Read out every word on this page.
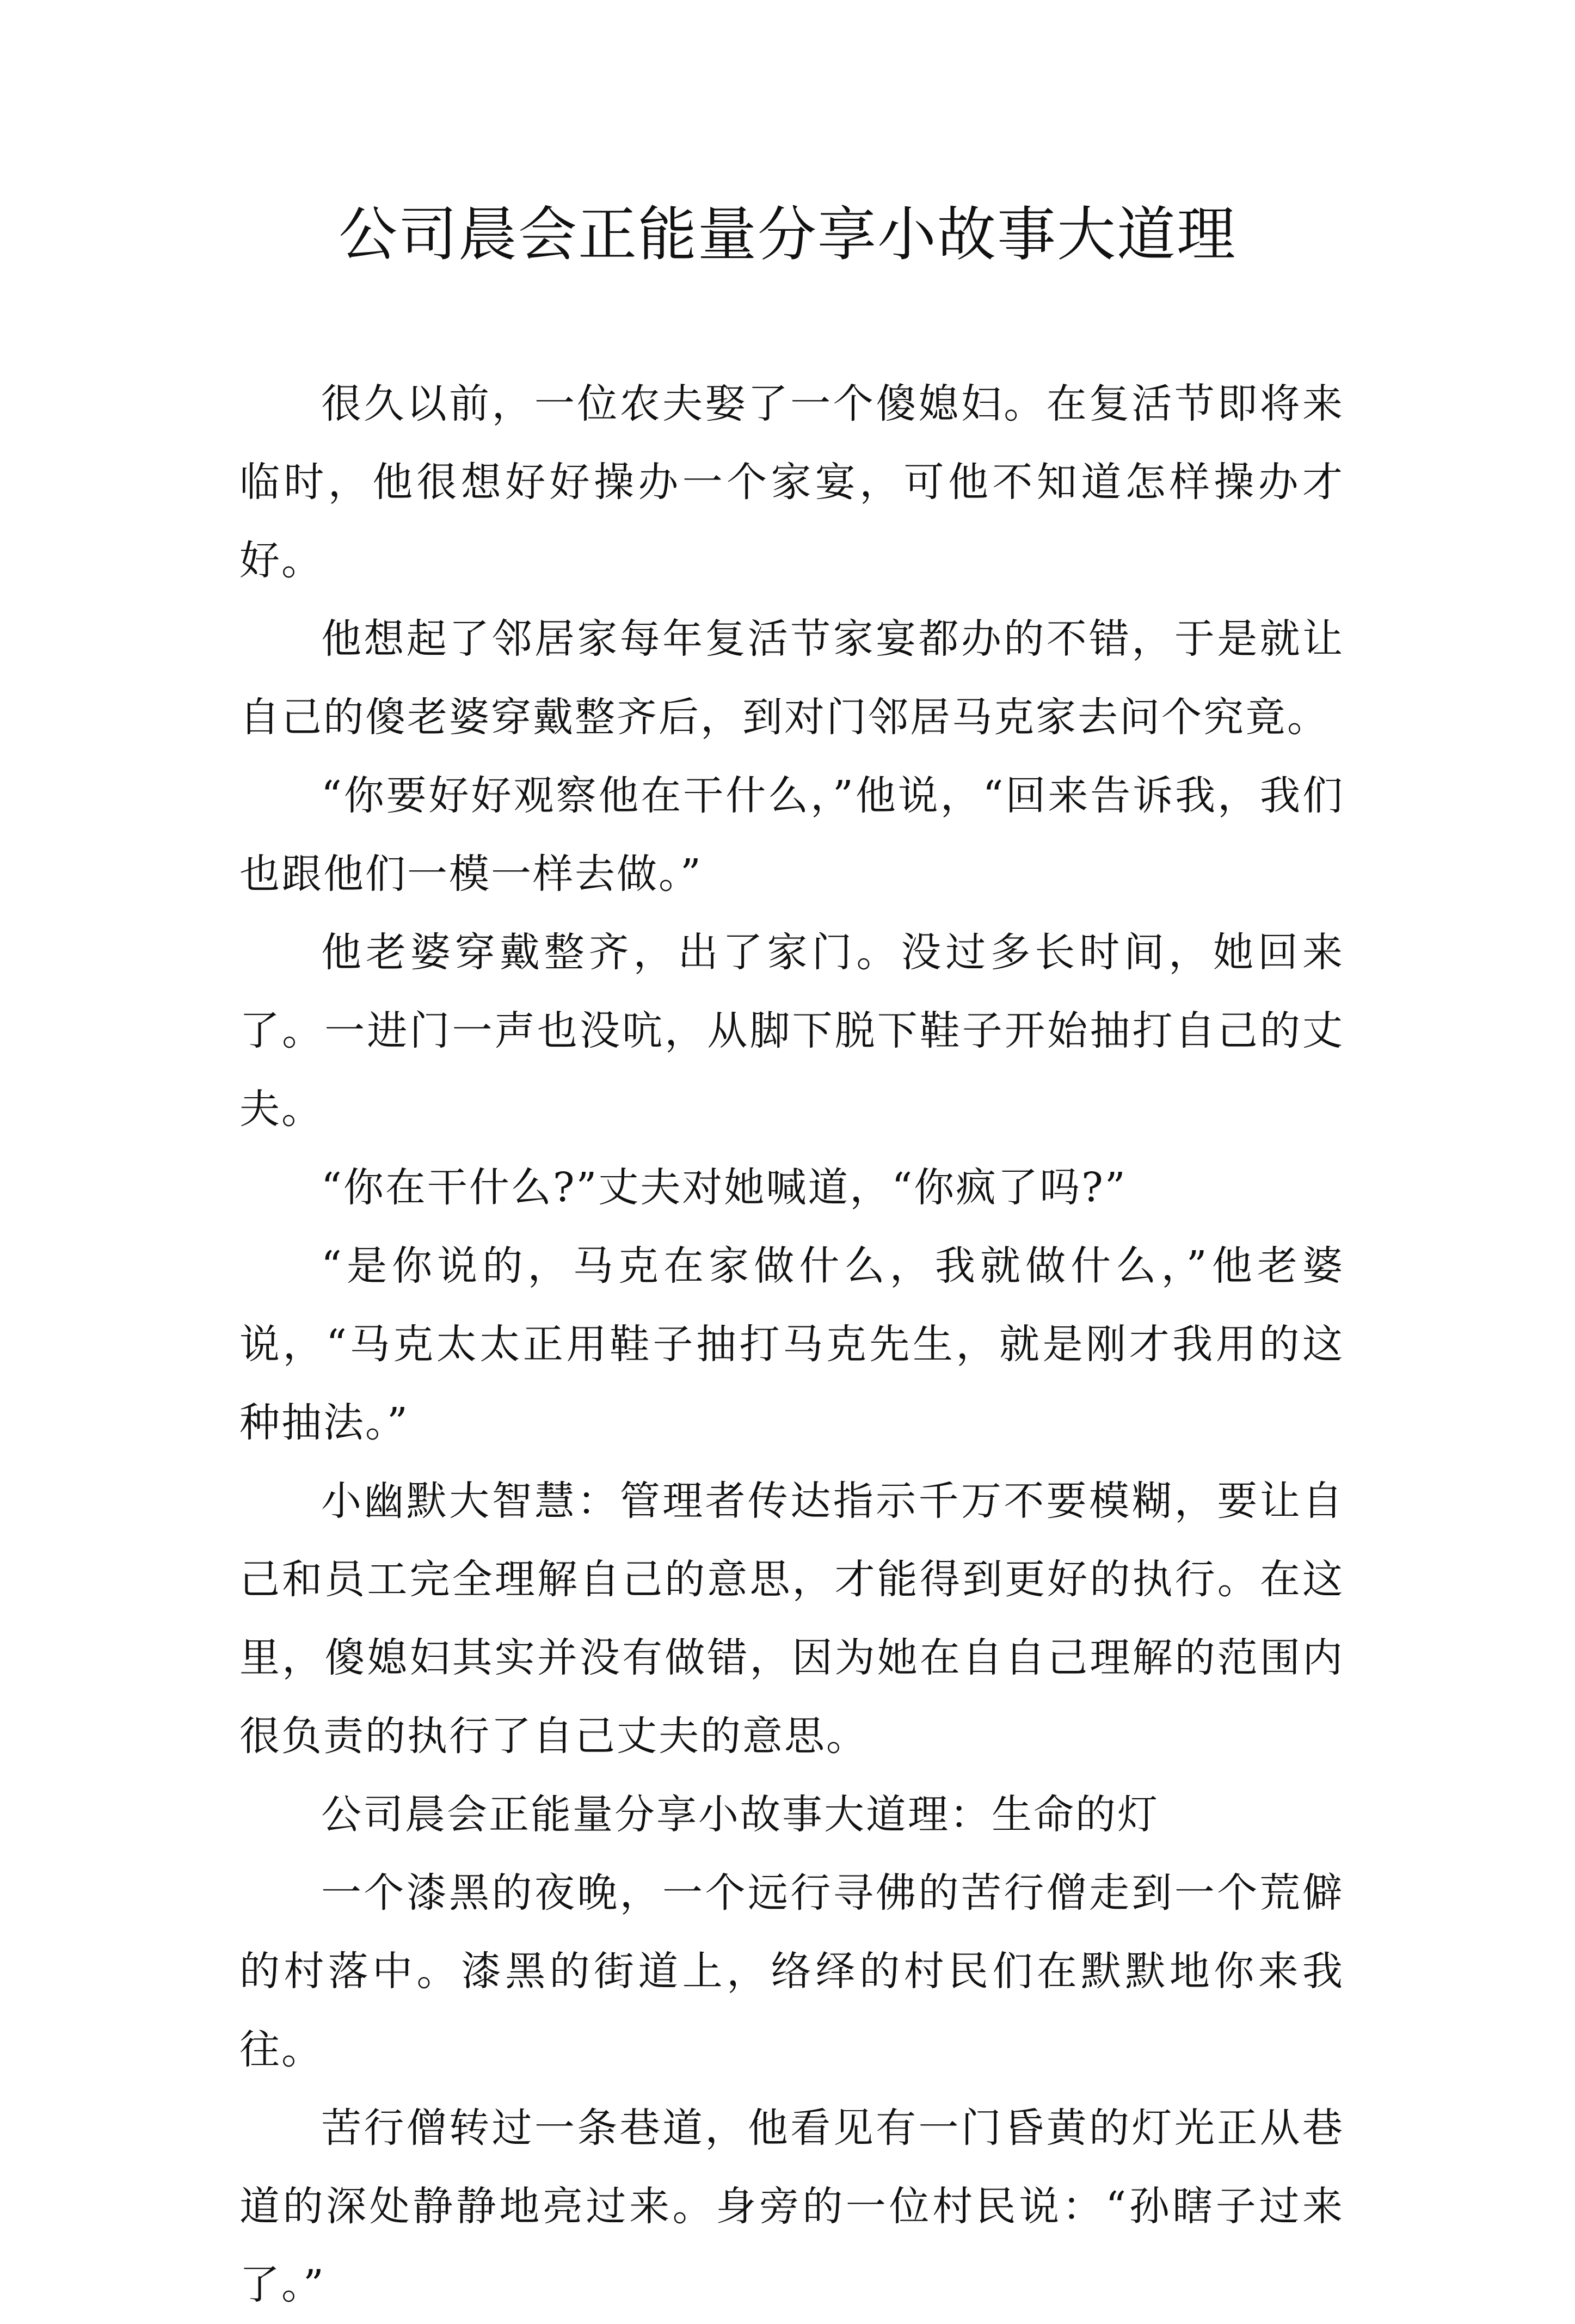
公司晨会正能量分享小故事大道理

很久以前，一位农夫娶了一个傻媳妇。在复活节即将来临时，他很想好好操办一个家宴，可他不知道怎样操办才好。

他想起了邻居家每年复活节家宴都办的不错，于是就让自己的傻老婆穿戴整齐后，到对门邻居马克家去问个究竟。

“你要好好观察他在干什么，”他说，“回来告诉我，我们也跟他们一模一样去做。”

他老婆穿戴整齐，出了家门。没过多长时间，她回来了。一进门一声也没吭，从脚下脱下鞋子开始抽打自己的丈夫。

“你在干什么?”丈夫对她喊道，“你疯了吗?”

“是你说的，马克在家做什么，我就做什么，”他老婆说，“马克太太正用鞋子抽打马克先生，就是刚才我用的这种抽法。”

小幽默大智慧：管理者传达指示千万不要模糊，要让自己和员工完全理解自己的意思，才能得到更好的执行。在这里，傻媳妇其实并没有做错，因为她在自自己理解的范围内很负责的执行了自己丈夫的意思。

公司晨会正能量分享小故事大道理：生命的灯

一个漆黑的夜晚，一个远行寻佛的苦行僧走到一个荒僻的村落中。漆黑的街道上，络绎的村民们在默默地你来我往。

苦行僧转过一条巷道，他看见有一门昏黄的灯光正从巷道的深处静静地亮过来。身旁的一位村民说：“孙瞎子过来了。”
